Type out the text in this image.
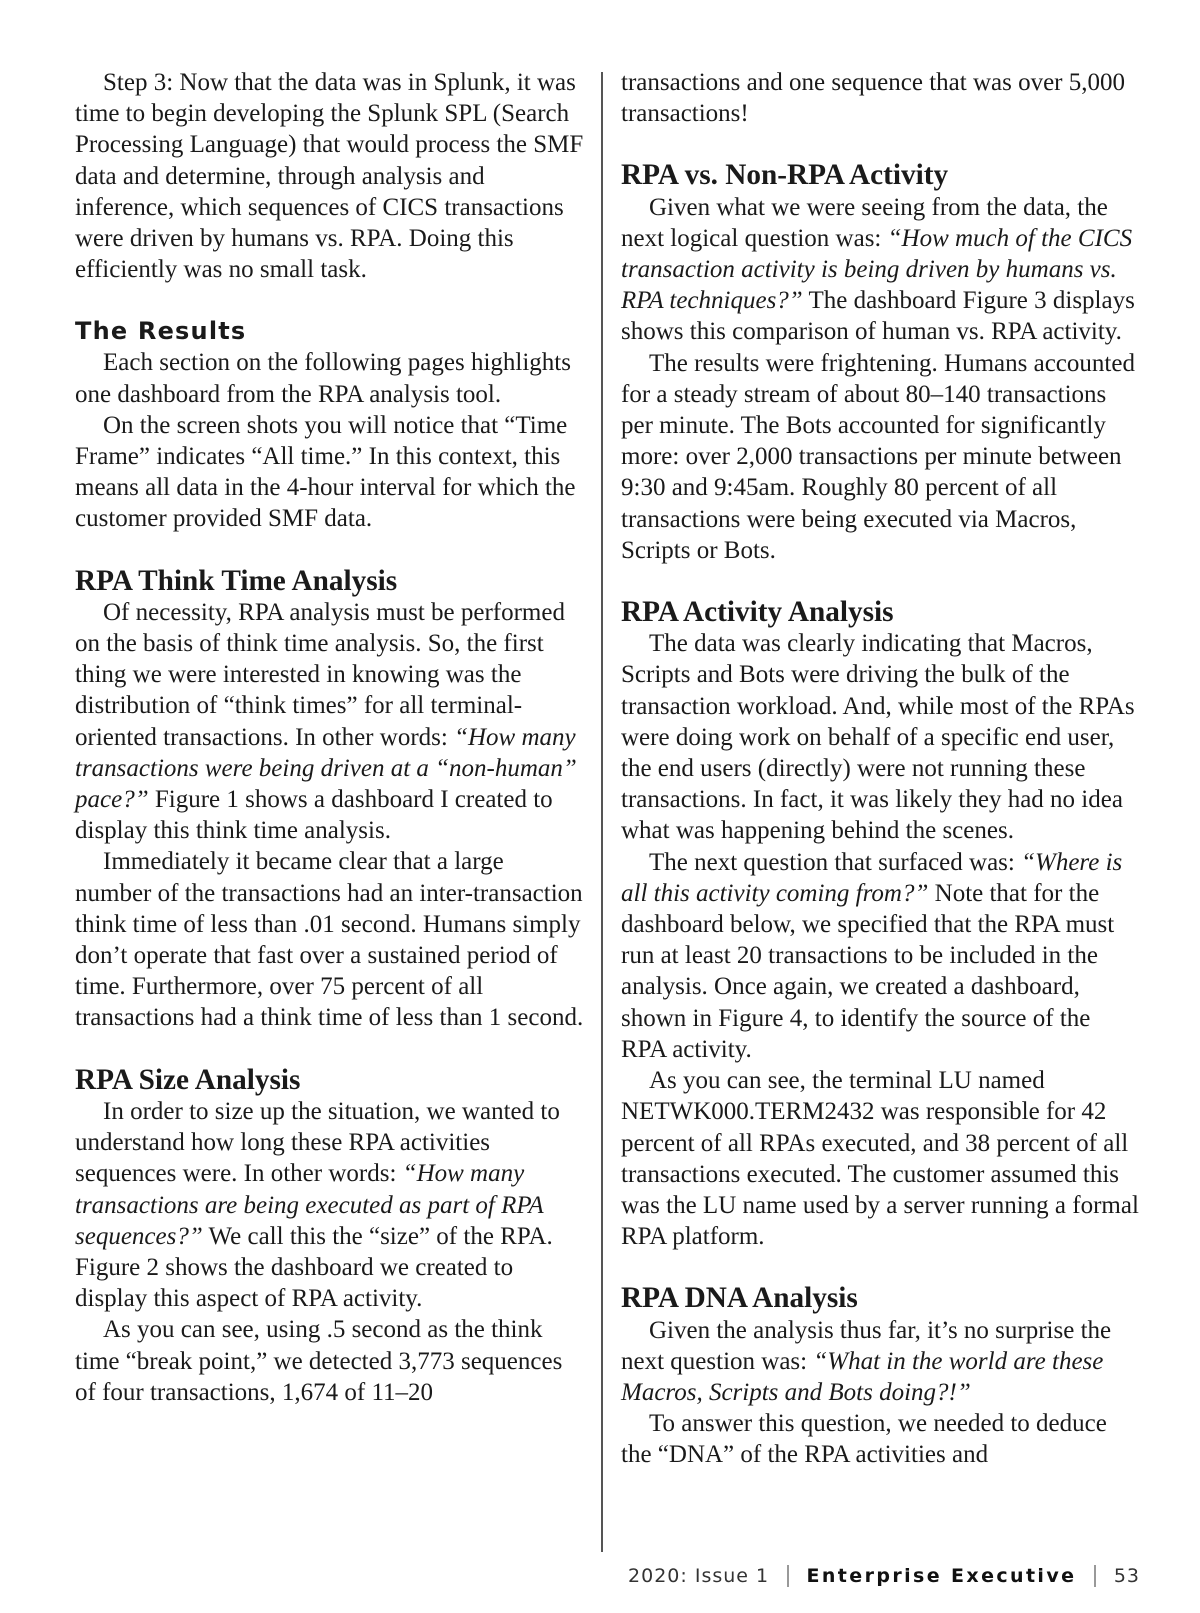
Step 3: Now that the data was in Splunk, it was time to begin developing the Splunk SPL (Search Processing Language) that would process the SMF data and determine, through analysis and inference, which sequences of CICS transactions were driven by humans vs. RPA. Doing this efficiently was no small task.

The Results

Each section on the following pages highlights one dashboard from the RPA analysis tool.

On the screen shots you will notice that “Time Frame” indicates “All time.” In this context, this means all data in the 4-hour interval for which the customer provided SMF data.

RPA Think Time Analysis

Of necessity, RPA analysis must be performed on the basis of think time analysis. So, the first thing we were interested in knowing was the distribution of “think times” for all terminal-oriented transactions. In other words: “How many transactions were being driven at a “non-human” pace?” Figure 1 shows a dashboard I created to display this think time analysis.

Immediately it became clear that a large number of the transactions had an inter-transaction think time of less than .01 second. Humans simply don’t operate that fast over a sustained period of time. Furthermore, over 75 percent of all transactions had a think time of less than 1 second.

RPA Size Analysis

In order to size up the situation, we wanted to understand how long these RPA activities sequences were. In other words: “How many transactions are being executed as part of RPA sequences?” We call this the “size” of the RPA. Figure 2 shows the dashboard we created to display this aspect of RPA activity.

As you can see, using .5 second as the think time “break point,” we detected 3,773 sequences of four transactions, 1,674 of 11–20

transactions and one sequence that was over 5,000 transactions!

RPA vs. Non-RPA Activity

Given what we were seeing from the data, the next logical question was: “How much of the CICS transaction activity is being driven by humans vs. RPA techniques?” The dashboard Figure 3 displays shows this comparison of human vs. RPA activity.

The results were frightening. Humans accounted for a steady stream of about 80–140 transactions per minute. The Bots accounted for significantly more: over 2,000 transactions per minute between 9:30 and 9:45am. Roughly 80 percent of all transactions were being executed via Macros, Scripts or Bots.

RPA Activity Analysis

The data was clearly indicating that Macros, Scripts and Bots were driving the bulk of the transaction workload. And, while most of the RPAs were doing work on behalf of a specific end user, the end users (directly) were not running these transactions. In fact, it was likely they had no idea what was happening behind the scenes.

The next question that surfaced was: “Where is all this activity coming from?” Note that for the dashboard below, we specified that the RPA must run at least 20 transactions to be included in the analysis. Once again, we created a dashboard, shown in Figure 4, to identify the source of the RPA activity.

As you can see, the terminal LU named NETWK000.TERM2432 was responsible for 42 percent of all RPAs executed, and 38 percent of all transactions executed. The customer assumed this was the LU name used by a server running a formal RPA platform.

RPA DNA Analysis

Given the analysis thus far, it’s no surprise the next question was: “What in the world are these Macros, Scripts and Bots doing?!”

To answer this question, we needed to deduce the “DNA” of the RPA activities and

2020: Issue 1 Enterprise Executive 53
